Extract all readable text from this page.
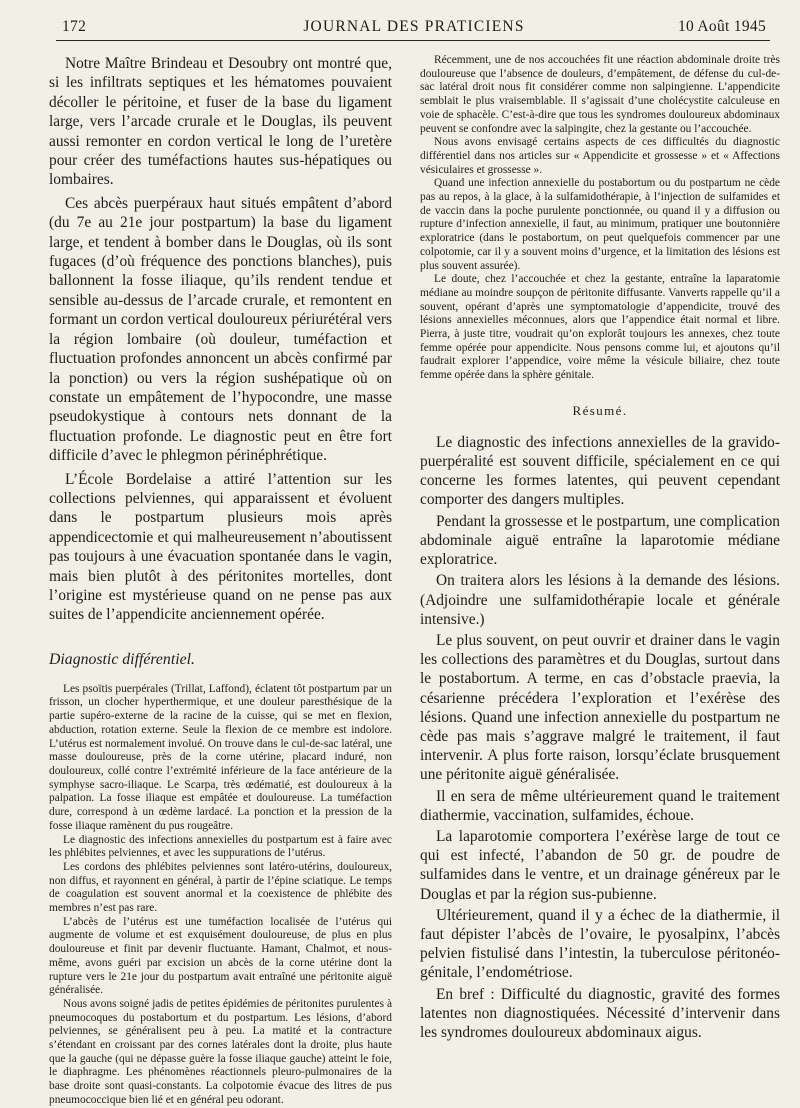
172	JOURNAL DES PRATICIENS	10 Août 1945

Notre Maître Brindeau et Desoubry ont montré que, si les infiltrats septiques et les hématomes pouvaient décoller le péritoine, et fuser de la base du ligament large, vers l’arcade crurale et le Douglas, ils peuvent aussi remonter en cordon vertical le long de l’uretère pour créer des tuméfactions hautes sus-hépatiques ou lombaires.

Ces abcès puerpéraux haut situés empâtent d’abord (du 7e au 21e jour postpartum) la base du ligament large, et tendent à bomber dans le Douglas, où ils sont fugaces (d’où fréquence des ponctions blanches), puis ballonnent la fosse iliaque, qu’ils rendent tendue et sensible au-dessus de l’arcade crurale, et remontent en formant un cordon vertical douloureux périurétéral vers la région lombaire (où douleur, tuméfaction et fluctuation profondes annoncent un abcès confirmé par la ponction) ou vers la région sushépatique où on constate un empâtement de l’hypocondre, une masse pseudokystique à contours nets donnant de la fluctuation profonde. Le diagnostic peut en être fort difficile d’avec le phlegmon périnéphrétique.

L’École Bordelaise a attiré l’attention sur les collections pelviennes, qui apparaissent et évoluent dans le postpartum plusieurs mois après appendicectomie et qui malheureusement n’aboutissent pas toujours à une évacuation spontanée dans le vagin, mais bien plutôt à des péritonites mortelles, dont l’origine est mystérieuse quand on ne pense pas aux suites de l’appendicite anciennement opérée.

Diagnostic différentiel.

Les psoïtis puerpérales (Trillat, Laffond), éclatent tôt postpartum par un frisson, un clocher hyperthermique, et une douleur paresthésique de la partie supéro-externe de la racine de la cuisse, qui se met en flexion, abduction, rotation externe. Seule la flexion de ce membre est indolore. L’utérus est normalement involué. On trouve dans le cul-de-sac latéral, une masse douloureuse, près de la corne utérine, placard induré, non douloureux, collé contre l’extrémité inférieure de la face antérieure de la symphyse sacro-iliaque. Le Scarpa, très œdématié, est douloureux à la palpation. La fosse iliaque est empâtée et douloureuse. La tuméfaction dure, correspond à un œdème lardacé. La ponction et la pression de la fosse iliaque ramènent du pus rougeâtre.

Le diagnostic des infections annexielles du postpartum est à faire avec les phlébites pelviennes, et avec les suppurations de l’utérus.

Les cordons des phlébites pelviennes sont latéro-utérins, douloureux, non diffus, et rayonnent en général, à partir de l’épine sciatique. Le temps de coagulation est souvent anormal et la coexistence de phlébite des membres n’est pas rare.

L’abcès de l’utérus est une tuméfaction localisée de l’utérus qui augmente de volume et est exquisément douloureuse, de plus en plus douloureuse et finit par devenir fluctuante. Hamant, Chalmot, et nous-même, avons guéri par excision un abcès de la corne utérine dont la rupture vers le 21e jour du postpartum avait entraîné une péritonite aiguë généralisée.

Nous avons soigné jadis de petites épidémies de péritonites purulentes à pneumocoques du postabortum et du postpartum. Les lésions, d’abord pelviennes, se généralisent peu à peu. La matité et la contracture s’étendant en croissant par des cornes latérales dont la droite, plus haute que la gauche (qui ne dépasse guère la fosse iliaque gauche) atteint le foie, le diaphragme. Les phénomènes réactionnels pleuro-pulmonaires de la base droite sont quasi-constants. La colpotomie évacue des litres de pus pneumococcique bien lié et en général peu odorant.

Récemment, une de nos accouchées fit une réaction abdominale droite très douloureuse que l’absence de douleurs, d’empâtement, de défense du cul-de-sac latéral droit nous fit considérer comme non salpingienne. L’appendicite semblait le plus vraisemblable. Il s’agissait d’une cholécystite calculeuse en voie de sphacèle. C’est-à-dire que tous les syndromes douloureux abdominaux peuvent se confondre avec la salpingite, chez la gestante ou l’accouchée.

Nous avons envisagé certains aspects de ces difficultés du diagnostic différentiel dans nos articles sur « Appendicite et grossesse » et « Affections vésiculaires et grossesse ».

Quand une infection annexielle du postabortum ou du postpartum ne cède pas au repos, à la glace, à la sulfamidothérapie, à l’injection de sulfamides et de vaccin dans la poche purulente ponctionnée, ou quand il y a diffusion ou rupture d’infection annexielle, il faut, au minimum, pratiquer une boutonnière exploratrice (dans le postabortum, on peut quelquefois commencer par une colpotomie, car il y a souvent moins d’urgence, et la limitation des lésions est plus souvent assurée).

Le doute, chez l’accouchée et chez la gestante, entraîne la laparatomie médiane au moindre soupçon de péritonite diffusante. Vanverts rappelle qu’il a souvent, opérant d’après une symptomatologie d’appendicite, trouvé des lésions annexielles méconnues, alors que l’appendice était normal et libre. Pierra, à juste titre, voudrait qu’on explorât toujours les annexes, chez toute femme opérée pour appendicite. Nous pensons comme lui, et ajoutons qu’il faudrait explorer l’appendice, voire même la vésicule biliaire, chez toute femme opérée dans la sphère génitale.

Résumé.

Le diagnostic des infections annexielles de la gravido-puerpéralité est souvent difficile, spécialement en ce qui concerne les formes latentes, qui peuvent cependant comporter des dangers multiples.

Pendant la grossesse et le postpartum, une complication abdominale aiguë entraîne la laparotomie médiane exploratrice.

On traitera alors les lésions à la demande des lésions. (Adjoindre une sulfamidothérapie locale et générale intensive.)

Le plus souvent, on peut ouvrir et drainer dans le vagin les collections des paramètres et du Douglas, surtout dans le postabortum. A terme, en cas d’obstacle praevia, la césarienne précédera l’exploration et l’exérèse des lésions. Quand une infection annexielle du postpartum ne cède pas mais s’aggrave malgré le traitement, il faut intervenir. A plus forte raison, lorsqu’éclate brusquement une péritonite aiguë généralisée.

Il en sera de même ultérieurement quand le traitement diathermie, vaccination, sulfamides, échoue.

La laparotomie comportera l’exérèse large de tout ce qui est infecté, l’abandon de 50 gr. de poudre de sulfamides dans le ventre, et un drainage généreux par le Douglas et par la région sus-pubienne.

Ultérieurement, quand il y a échec de la diathermie, il faut dépister l’abcès de l’ovaire, le pyosalpinx, l’abcès pelvien fistulisé dans l’intestin, la tuberculose péritonéo-génitale, l’endométriose.

En bref : Difficulté du diagnostic, gravité des formes latentes non diagnostiquées. Nécessité d’intervenir dans les syndromes douloureux abdominaux aigus.
